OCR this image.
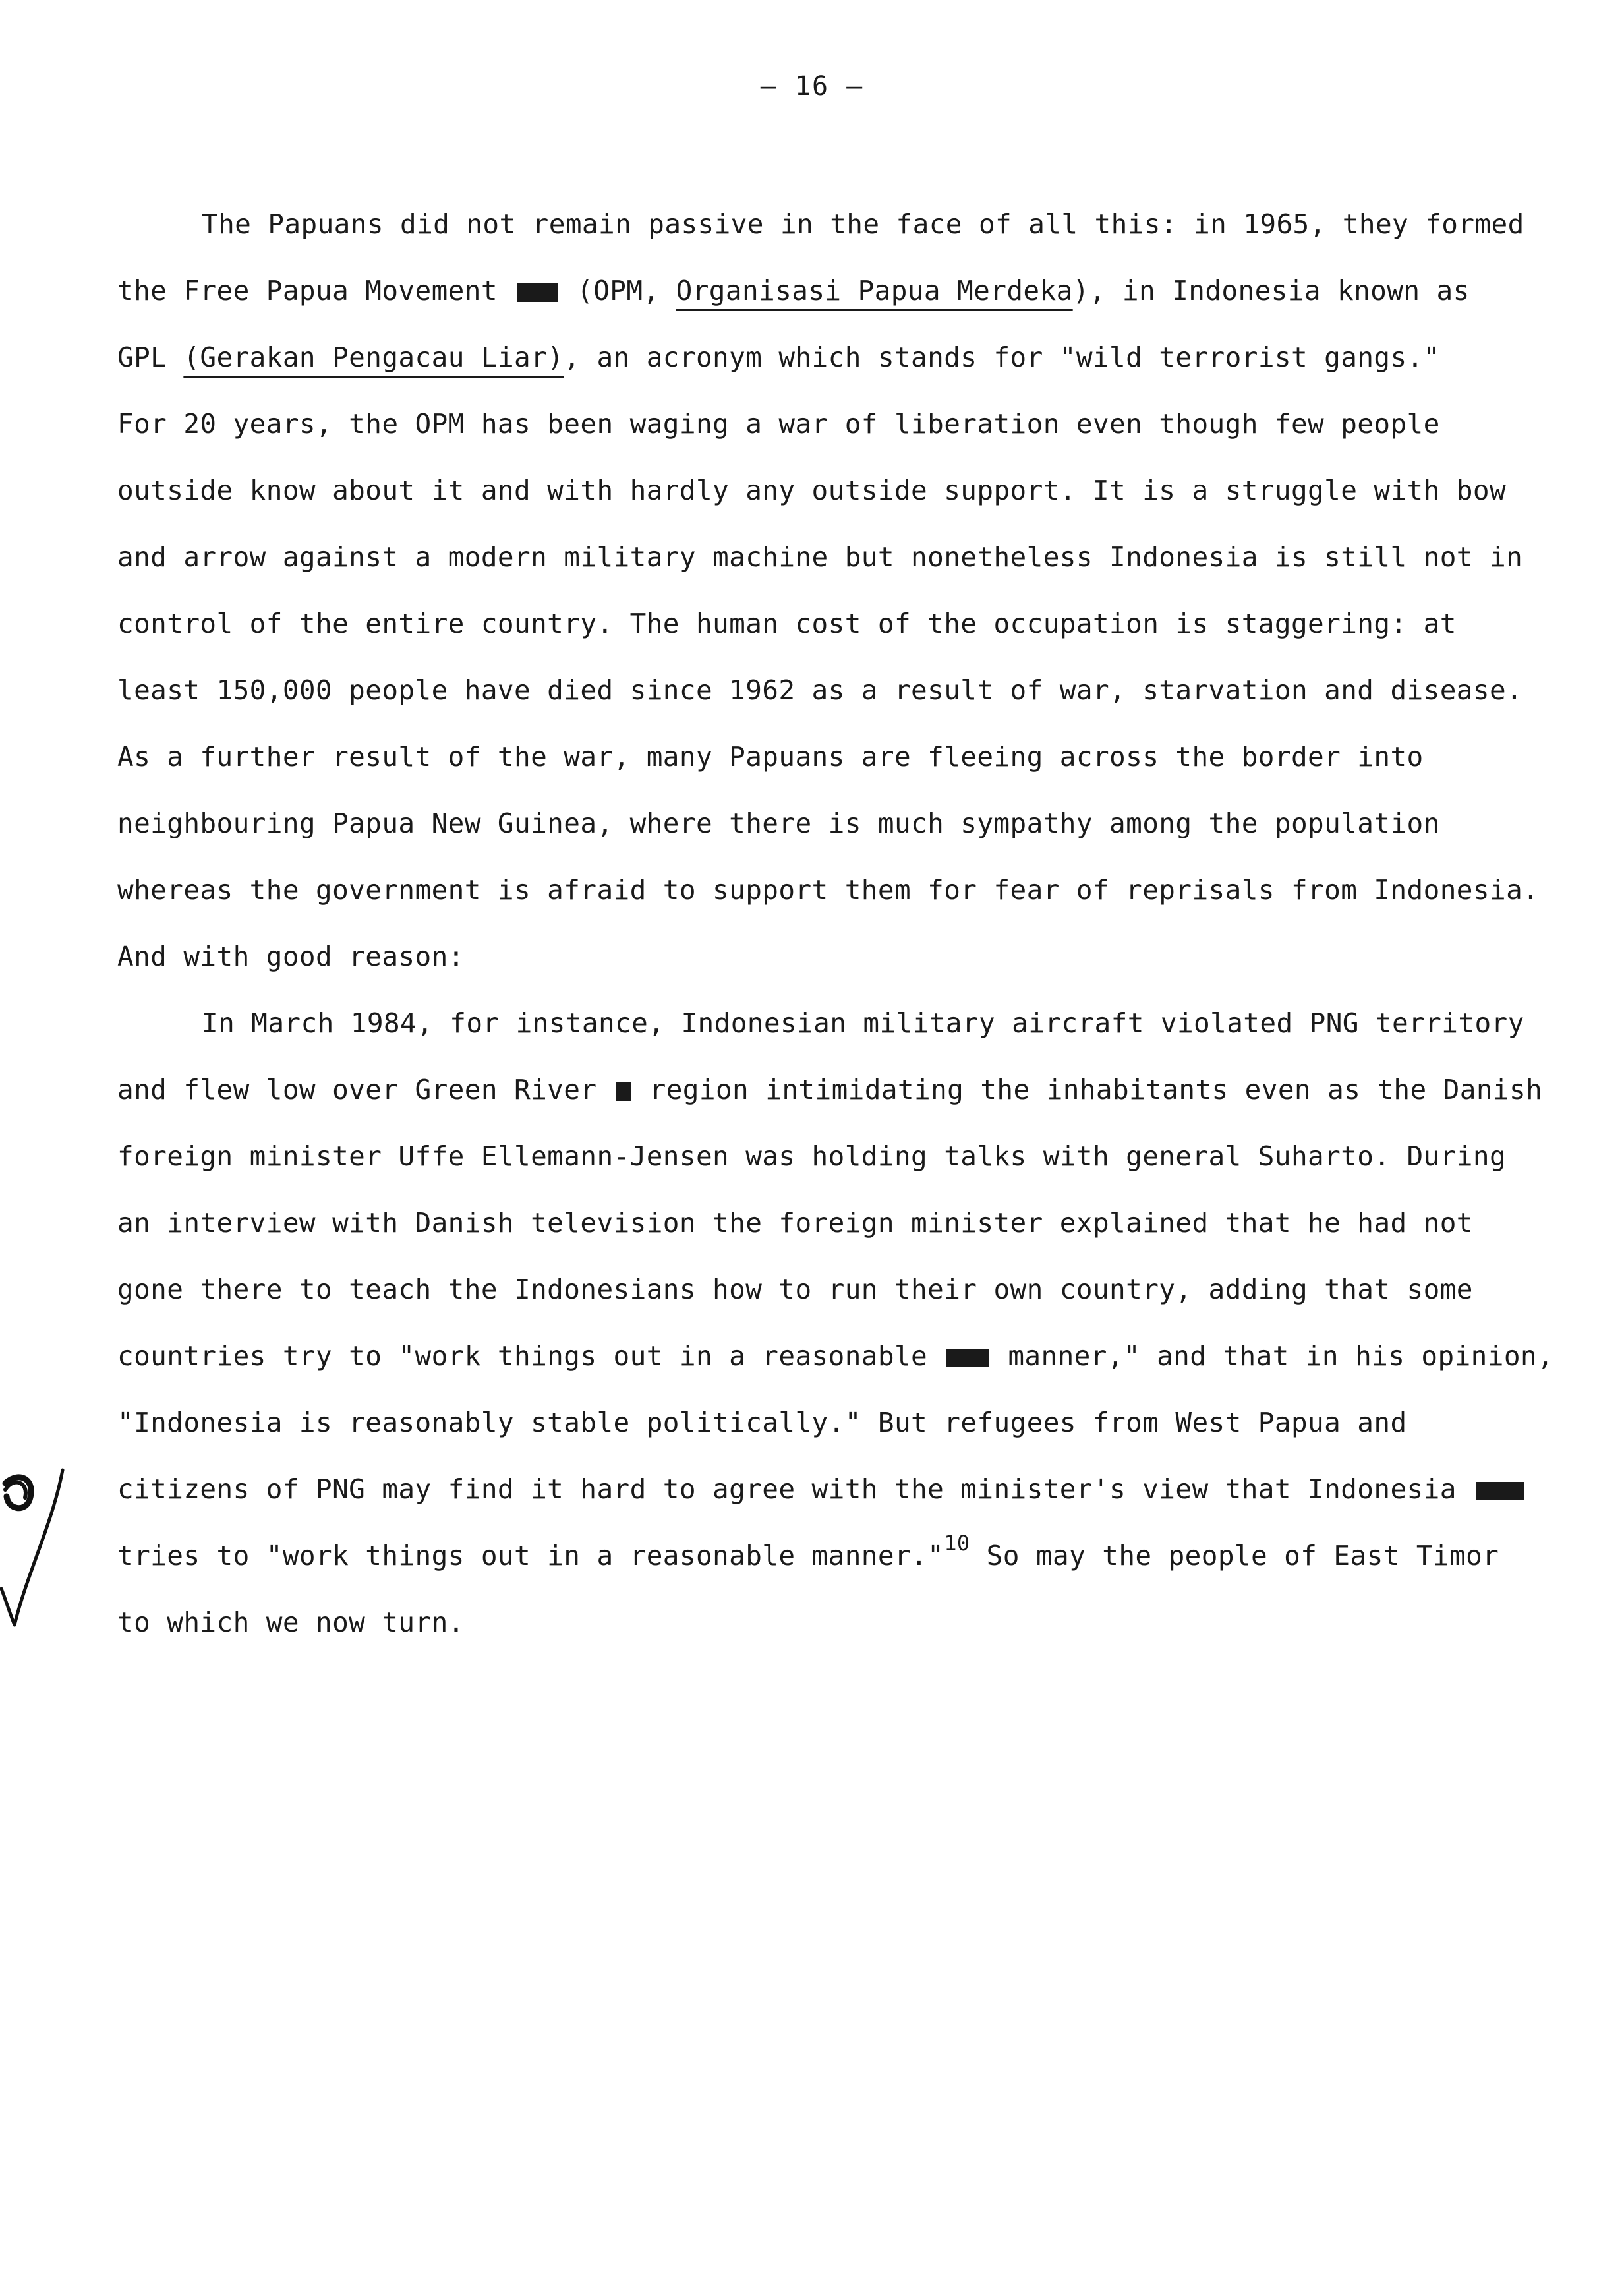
— 16 —
The Papuans did not remain passive in the face of all this: in 1965, they formed
the Free Papua Movement	(OPM, Organisasi Papua Merdeka), in Indonesia known as
GPL (Gerakan Pengacau Liar), an acronym which stands for "wild terrorist gangs."
For 20 years, the OPM has been waging a war of liberation even though few people
outside know about it and with hardly any outside support. It is a struggle with bow
and arrow against a modern military machine but nonetheless Indonesia is still not in
control of the entire country. The human cost of the occupation is staggering: at
least 150,000 people have died since 1962 as a result of war, starvation and disease.
As a further result of the war, many Papuans are fleeing across the border into
neighbouring Papua New Guinea, where there is much sympathy among the population
whereas the government is afraid to support them for fear of reprisals from Indonesia.
And with good reason:
In March 1984, for instance, Indonesian military aircraft violated PNG territory
and flew low over Green River region intimidating the inhabitants even as the Danish
foreign minister Uffe Ellemann-Jensen was holding talks with general Suharto. During
an interview with Danish television the foreign minister explained that he had not
gone there to teach the Indonesians how to run their own country, adding that some
countries try to "work things out in a reasonable	manner," and that in his opinion,
"Indonesia is reasonably stable politically." But refugees from West Papua and
citizens of PNG may find it hard to agree with the minister's view that Indonesia
tries to "work things out in a reasonable manner."$^{10}$ So may the people of East Timor
to which we now turn.
